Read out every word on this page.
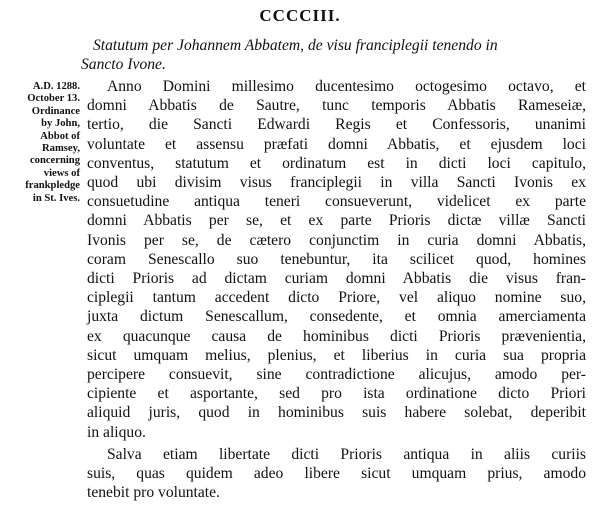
CCCCIII.
Statutum per Johannem Abbatem, de visu franciplegii tenendo in
Sancto Ivone.
A.D. 1288.
October 13.
Ordinance
by John,
Abbot of
Ramsey,
concerning
views of
frankpledge
in St. Ives.
Anno Domini millesimo ducentesimo octogesimo octavo, et
domni Abbatis de Sautre, tunc temporis Abbatis Rameseiæ,
tertio, die Sancti Edwardi Regis et Confessoris, unanimi
voluntate et assensu præfati domni Abbatis, et ejusdem loci
conventus, statutum et ordinatum est in dicti loci capitulo,
quod ubi divisim visus franciplegii in villa Sancti Ivonis ex
consuetudine antiqua teneri consueverunt, videlicet ex parte
domni Abbatis per se, et ex parte Prioris dictæ villæ Sancti
Ivonis per se, de cætero conjunctim in curia domni Abbatis,
coram Senescallo suo tenebuntur, ita scilicet quod, homines
dicti Prioris ad dictam curiam domni Abbatis die visus fran-
ciplegii tantum accedent dicto Priore, vel aliquo nomine suo,
juxta dictum Senescallum, consedente, et omnia amerciamenta
ex quacunque causa de hominibus dicti Prioris prævenientia,
sicut umquam melius, plenius, et liberius in curia sua propria
percipere consuevit, sine contradictione alicujus, amodo per-
cipiente et asportante, sed pro ista ordinatione dicto Priori
aliquid juris, quod in hominibus suis habere solebat, deperibit
in aliquo.
Salva etiam libertate dicti Prioris antiqua in aliis curiis
suis, quas quidem adeo libere sicut umquam prius, amodo
tenebit pro voluntate.
